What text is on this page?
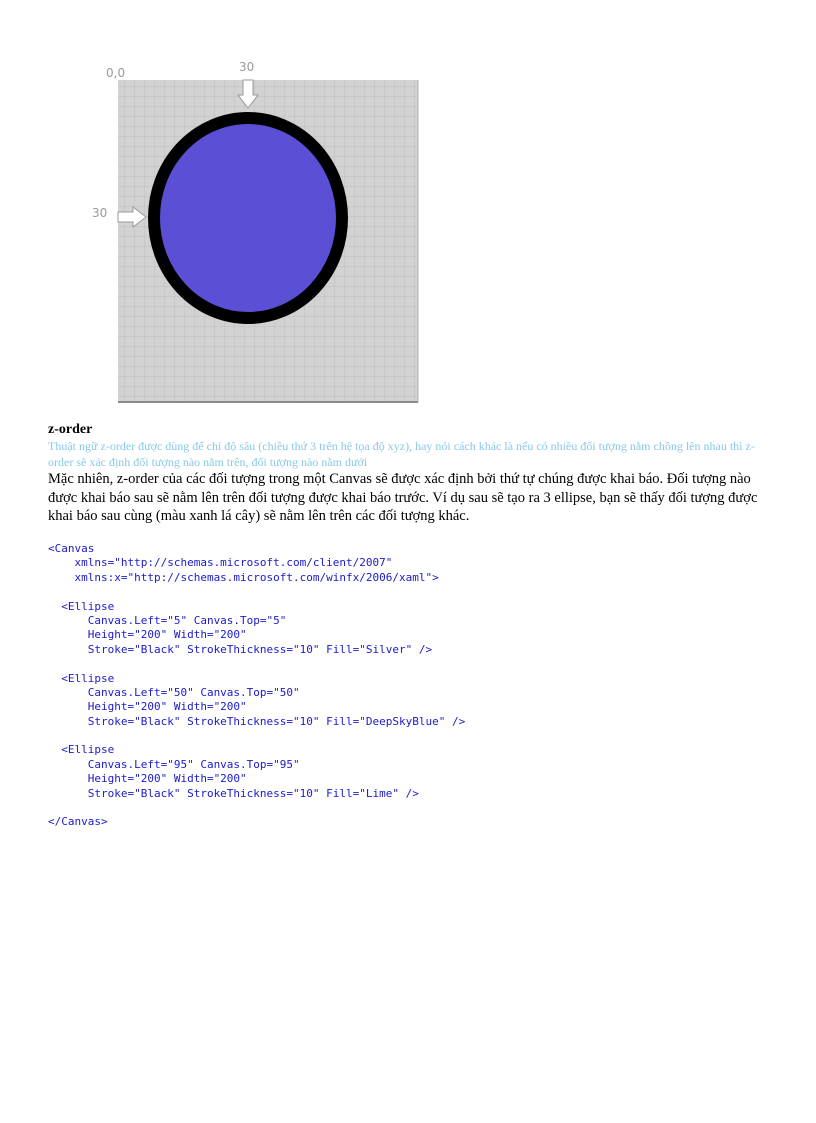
0,0	30
30
z-order
Thuật ngữ z-order được dùng để chỉ độ sâu (chiều thứ 3 trên hệ tọa độ xyz), hay nói cách khác là nếu có nhiều đối tượng nằm chồng lên nhau thì z-order sẽ xác định đối tượng nào nằm trên, đối tượng nào nằm dưới
Mặc nhiên, z-order của các đối tượng trong một Canvas sẽ được xác định bởi thứ tự chúng được khai báo. Đối tượng nào được khai báo sau sẽ nằm lên trên đối tượng được khai báo trước. Ví dụ sau sẽ tạo ra 3 ellipse, bạn sẽ thấy đối tượng được khai báo sau cùng (màu xanh lá cây) sẽ nằm lên trên các đối tượng khác.
<Canvas
xmlns="http://schemas.microsoft.com/client/2007"
xmlns:x="http://schemas.microsoft.com/winfx/2006/xaml">
<Ellipse
Canvas.Left="5" Canvas.Top="5"
Height="200" Width="200"
Stroke="Black" StrokeThickness="10" Fill="Silver" />
<Ellipse
Canvas.Left="50" Canvas.Top="50"
Height="200" Width="200"
Stroke="Black" StrokeThickness="10" Fill="DeepSkyBlue" />
<Ellipse
Canvas.Left="95" Canvas.Top="95"
Height="200" Width="200"
Stroke="Black" StrokeThickness="10" Fill="Lime" />
</Canvas>
